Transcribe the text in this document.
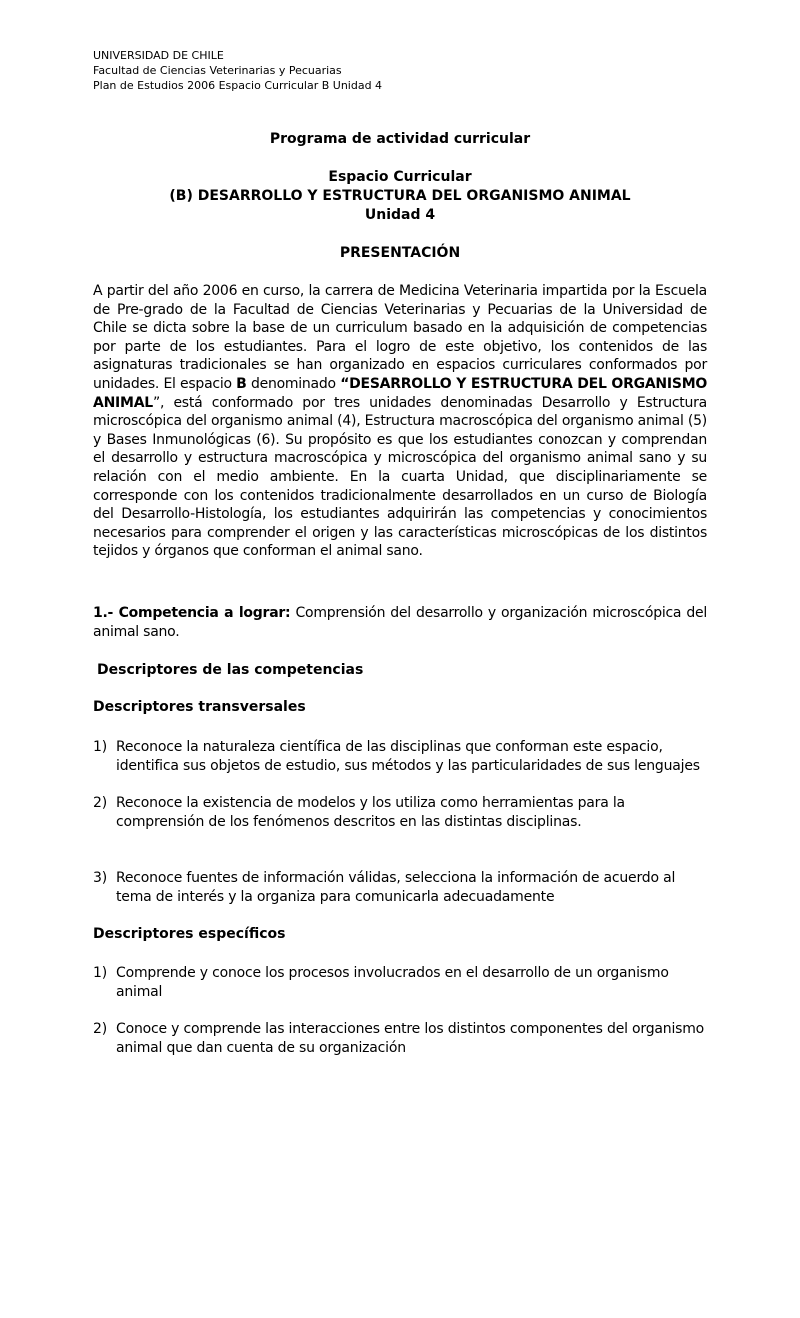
UNIVERSIDAD DE CHILE
Facultad de Ciencias Veterinarias y Pecuarias
Plan de Estudios 2006 Espacio Curricular B Unidad 4
Programa de actividad curricular
Espacio Curricular
(B) DESARROLLO Y ESTRUCTURA DEL ORGANISMO ANIMAL
Unidad 4
PRESENTACIÓN
A partir del año 2006 en curso, la carrera de Medicina Veterinaria impartida por la Escuela de Pre-grado de la Facultad de Ciencias Veterinarias y Pecuarias de la Universidad de Chile se dicta sobre la base de un curriculum basado en la adquisición de competencias por parte de los estudiantes. Para el logro de este objetivo, los contenidos de las asignaturas tradicionales se han organizado en espacios curriculares conformados por unidades. El espacio B denominado “DESARROLLO Y ESTRUCTURA DEL ORGANISMO ANIMAL”, está conformado por tres unidades denominadas Desarrollo y Estructura microscópica del organismo animal (4), Estructura macroscópica del organismo animal (5) y Bases Inmunológicas (6). Su propósito es que los estudiantes conozcan y comprendan el desarrollo y estructura macroscópica y microscópica del organismo animal sano y su relación con el medio ambiente. En la cuarta Unidad, que disciplinariamente se corresponde con los contenidos tradicionalmente desarrollados en un curso de Biología del Desarrollo-Histología, los estudiantes adquirirán las competencias y conocimientos necesarios para comprender el origen y las características microscópicas de los distintos tejidos y órganos que conforman el animal sano.
1.- Competencia a lograr: Comprensión del desarrollo y organización microscópica del animal sano.
Descriptores de las competencias
Descriptores transversales
1) Reconoce la naturaleza científica de las disciplinas que conforman este espacio, identifica sus objetos de estudio, sus métodos y las particularidades de sus lenguajes
2) Reconoce la existencia de modelos y los utiliza como herramientas para la comprensión de los fenómenos descritos en las distintas disciplinas.
3) Reconoce fuentes de información válidas, selecciona la información de acuerdo al tema de interés y la organiza para comunicarla adecuadamente
Descriptores específicos
1) Comprende y conoce los procesos involucrados en el desarrollo de un organismo animal
2) Conoce y comprende las interacciones entre los distintos componentes del organismo animal que dan cuenta de su organización
